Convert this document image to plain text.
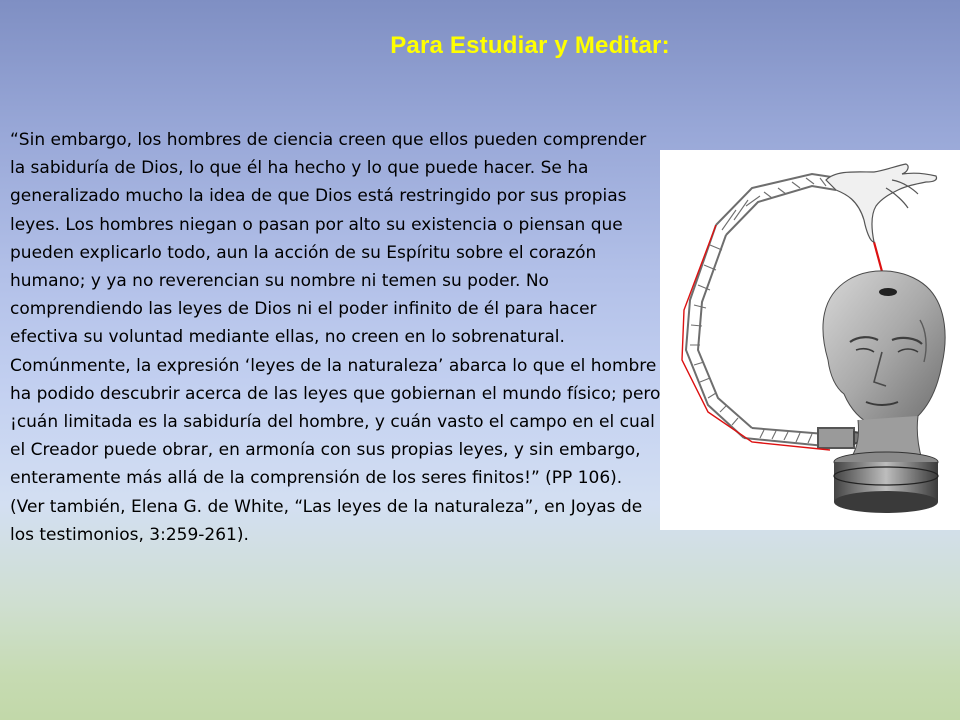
Para Estudiar y Meditar:

“Sin embargo, los hombres de ciencia creen que ellos pueden comprender la sabiduría de Dios, lo que él ha hecho y lo que puede hacer. Se ha generalizado mucho la idea de que Dios está restringido por sus propias leyes. Los hombres niegan o pasan por alto su existencia o piensan que pueden explicarlo todo, aun la acción de su Espíritu sobre el corazón humano; y ya no reverencian su nombre ni temen su poder. No comprendiendo las leyes de Dios ni el poder infinito de él para hacer efectiva su voluntad mediante ellas, no creen en lo sobrenatural. Comúnmente, la expresión ‘leyes de la naturaleza’ abarca lo que el hombre ha podido descubrir acerca de las leyes que gobiernan el mundo físico; pero ¡cuán limitada es la sabiduría del hombre, y cuán vasto el campo en el cual el Creador puede obrar, en armonía con sus propias leyes, y sin embargo, enteramente más allá de la comprensión de los seres finitos!” (PP 106).

(Ver también, Elena G. de White, “Las leyes de la naturaleza”, en Joyas de los testimonios, 3:259-261).
